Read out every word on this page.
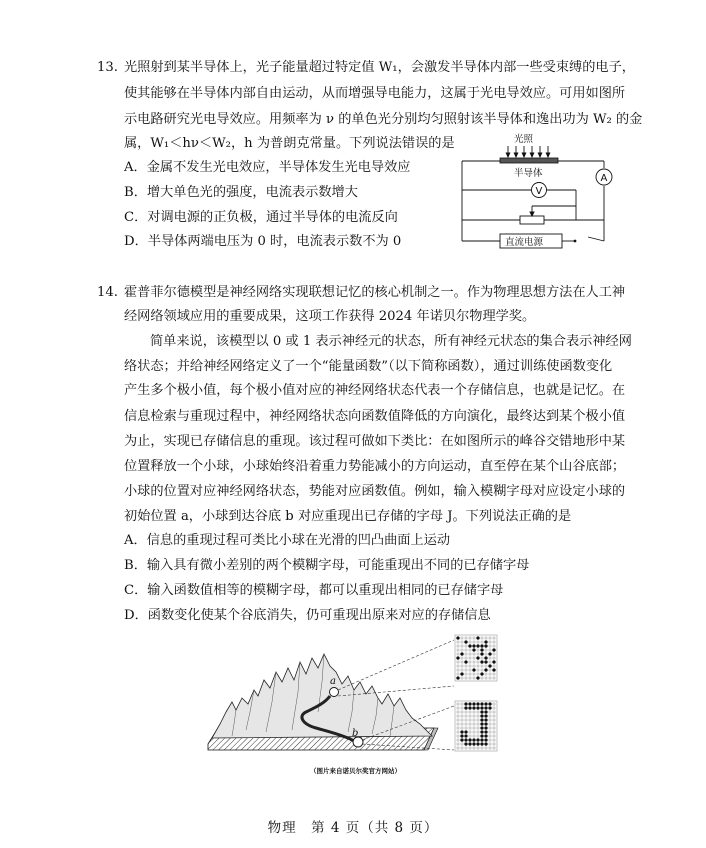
13. 光照射到某半导体上，光子能量超过特定值 W₁，会激发半导体内部一些受束缚的电子，
使其能够在半导体内部自由运动，从而增强导电能力，这属于光电导效应。可用如图所
示电路研究光电导效应。用频率为 ν 的单色光分别均匀照射该半导体和逸出功为 W₂ 的金
属，W₁＜hν＜W₂，h 为普朗克常量。下列说法错误的是
A．金属不发生光电效应，半导体发生光电导效应
B．增大单色光的强度，电流表示数增大
C．对调电源的正负极，通过半导体的电流反向
D．半导体两端电压为 0 时，电流表示数不为 0
光照
半导体	A
V
直流电源
14. 霍普菲尔德模型是神经网络实现联想记忆的核心机制之一。作为物理思想方法在人工神
经网络领域应用的重要成果，这项工作获得 2024 年诺贝尔物理学奖。
简单来说，该模型以 0 或 1 表示神经元的状态，所有神经元状态的集合表示神经网
络状态；并给神经网络定义了一个“能量函数”（以下简称函数），通过训练使函数变化
产生多个极小值，每个极小值对应的神经网络状态代表一个存储信息，也就是记忆。在
信息检索与重现过程中，神经网络状态向函数值降低的方向演化，最终达到某个极小值
为止，实现已存储信息的重现。该过程可做如下类比：在如图所示的峰谷交错地形中某
位置释放一个小球，小球始终沿着重力势能减小的方向运动，直至停在某个山谷底部；
小球的位置对应神经网络状态，势能对应函数值。例如，输入模糊字母对应设定小球的
初始位置 a，小球到达谷底 b 对应重现出已存储的字母 J。下列说法正确的是
A．信息的重现过程可类比小球在光滑的凹凸曲面上运动
B．输入具有微小差别的两个模糊字母，可能重现出不同的已存储字母
C．输入函数值相等的模糊字母，都可以重现出相同的已存储字母
D．函数变化使某个谷底消失，仍可重现出原来对应的存储信息
a
b
（图片来自诺贝尔奖官方网站）
物理　第 4 页（共 8 页）
